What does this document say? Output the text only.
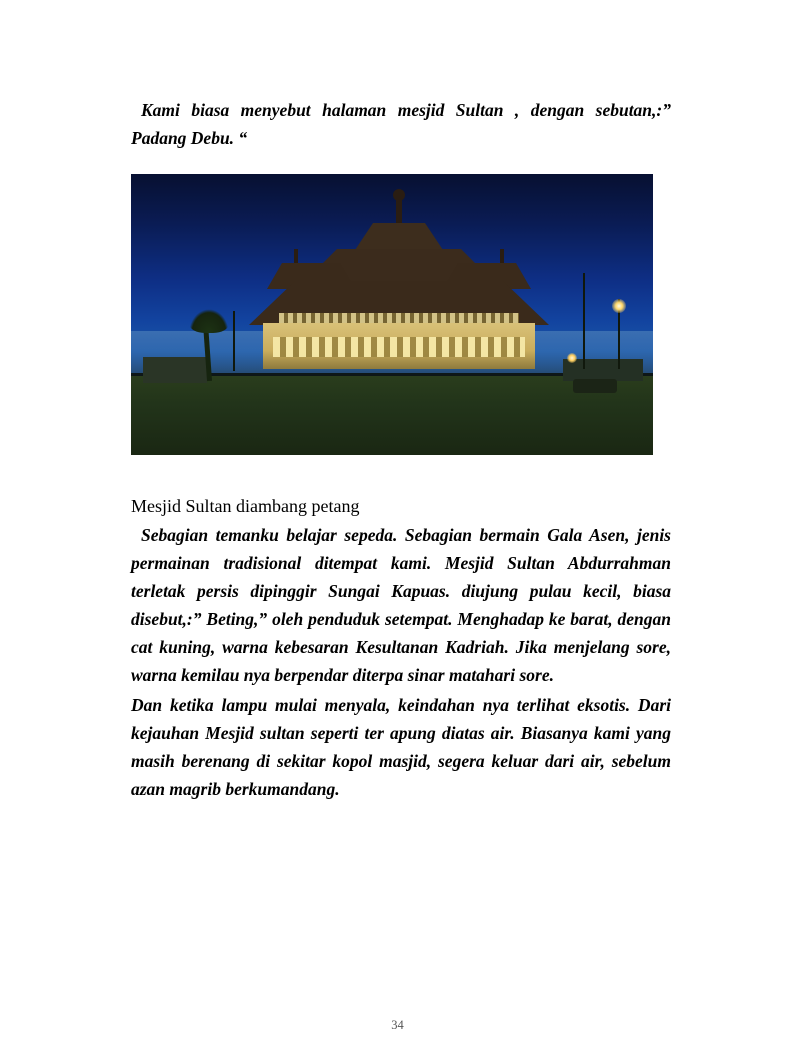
Kami biasa menyebut halaman mesjid Sultan , dengan sebutan,:” Padang Debu. “

Mesjid Sultan diambang petang

Sebagian temanku belajar sepeda. Sebagian bermain Gala Asen, jenis permainan tradisional ditempat kami. Mesjid Sultan Abdurrahman terletak persis dipinggir Sungai Kapuas. diujung pulau kecil, biasa disebut,:” Beting,” oleh penduduk setempat. Menghadap ke barat, dengan cat kuning, warna kebesaran Kesultanan Kadriah. Jika menjelang sore, warna kemilau nya berpendar diterpa sinar matahari sore.

Dan ketika lampu mulai menyala, keindahan nya terlihat eksotis. Dari kejauhan Mesjid sultan seperti ter apung diatas air. Biasanya kami yang masih berenang di sekitar kopol masjid, segera keluar dari air, sebelum azan magrib berkumandang.

34
